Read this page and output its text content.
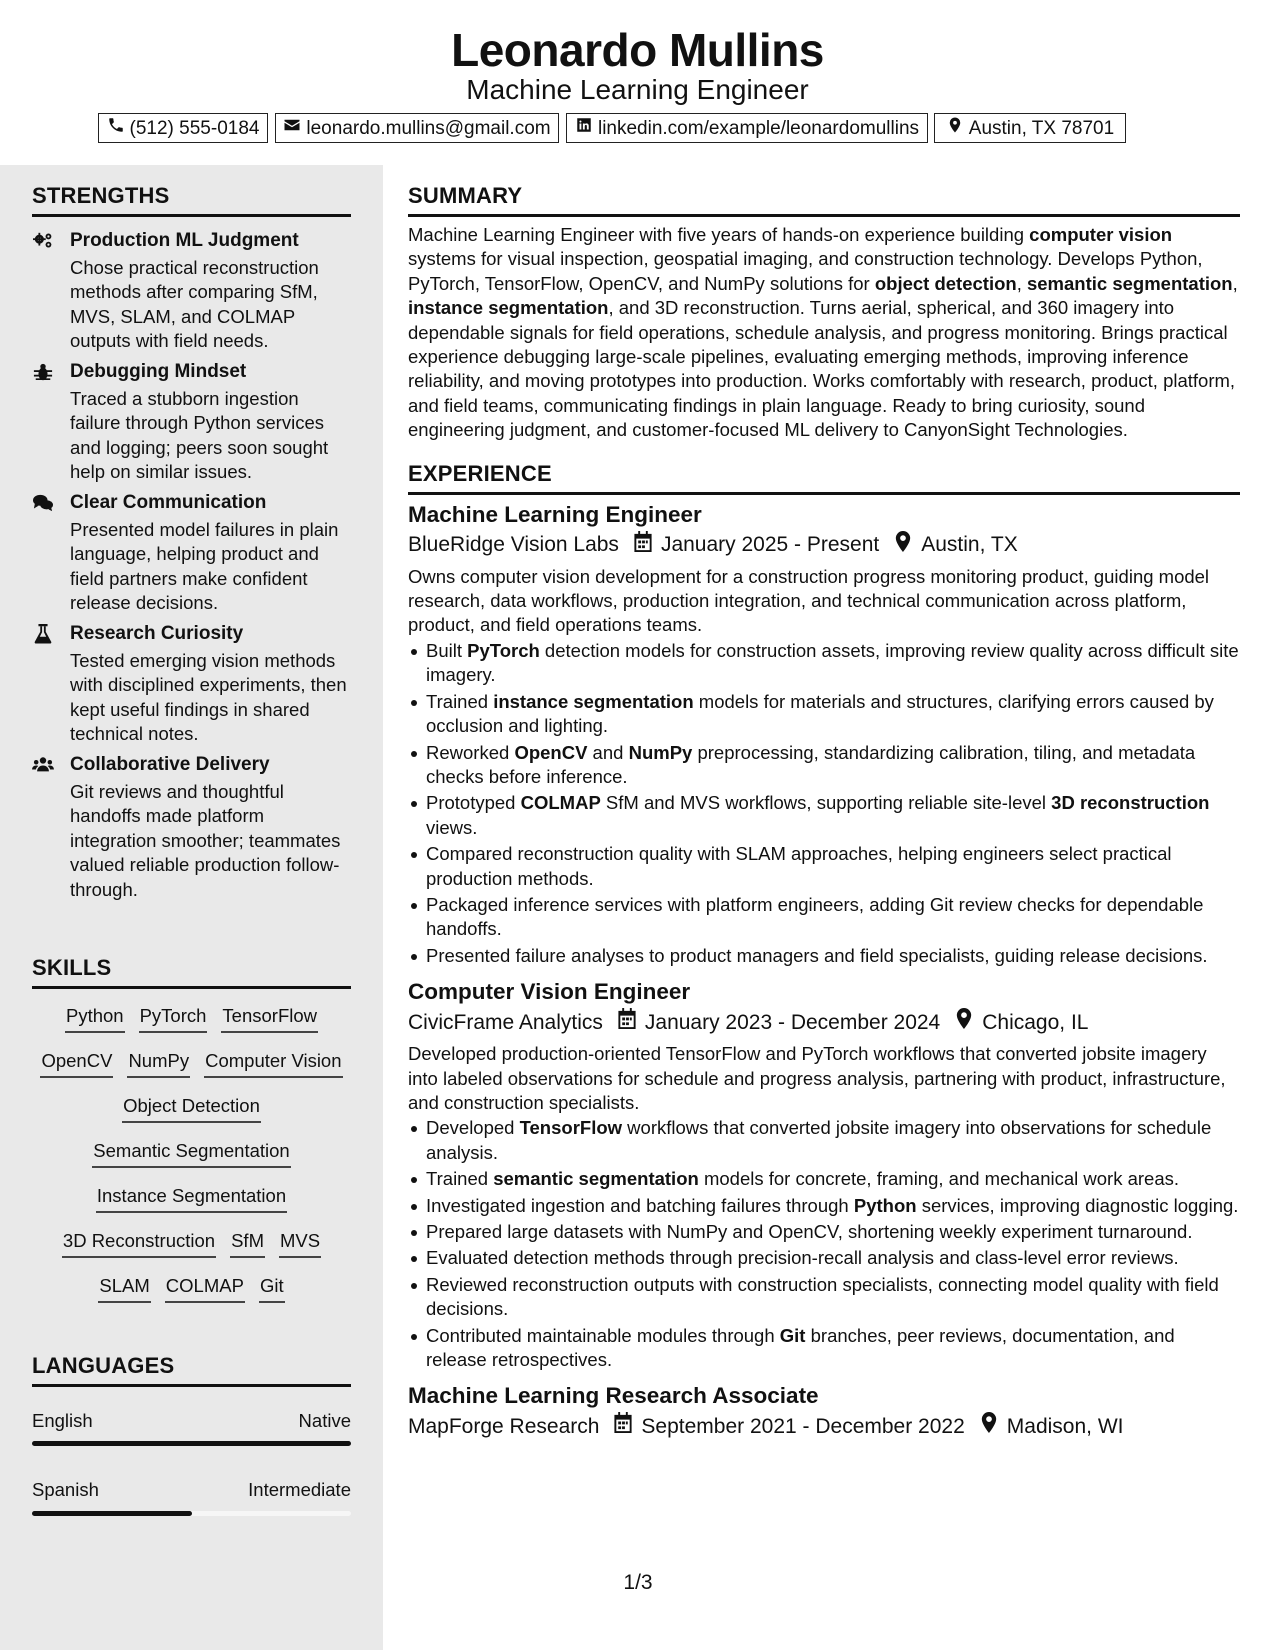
Leonardo Mullins
Machine Learning Engineer
(512) 555-0184 leonardo.mullins@gmail.com linkedin.com/example/leonardomullins	Austin, TX 78701
STRENGTHS
Production ML Judgment
Chose practical reconstruction methods after comparing SfM, MVS, SLAM, and COLMAP outputs with field needs.
Debugging Mindset
Traced a stubborn ingestion failure through Python services and logging; peers soon sought help on similar issues.
Clear Communication
Presented model failures in plain language, helping product and field partners make confident release decisions.
Research Curiosity
Tested emerging vision methods with disciplined experiments, then kept useful findings in shared technical notes.
Collaborative Delivery
Git reviews and thoughtful handoffs made platform integration smoother; teammates valued reliable production follow-through.
SKILLS
Python PyTorch TensorFlow
OpenCV NumPy Computer Vision
Object Detection
Semantic Segmentation
Instance Segmentation
3D Reconstruction SfM MVS
SLAM COLMAP Git
LANGUAGES
English	Native
Spanish	Intermediate
SUMMARY
Machine Learning Engineer with five years of hands-on experience building computer vision systems for visual inspection, geospatial imaging, and construction technology. Develops Python, PyTorch, TensorFlow, OpenCV, and NumPy solutions for object detection, semantic segmentation, instance segmentation, and 3D reconstruction. Turns aerial, spherical, and 360 imagery into dependable signals for field operations, schedule analysis, and progress monitoring. Brings practical experience debugging large-scale pipelines, evaluating emerging methods, improving inference reliability, and moving prototypes into production. Works comfortably with research, product, platform, and field teams, communicating findings in plain language. Ready to bring curiosity, sound engineering judgment, and customer-focused ML delivery to CanyonSight Technologies.
EXPERIENCE
Machine Learning Engineer
BlueRidge Vision Labs January 2025 - Present Austin, TX
Owns computer vision development for a construction progress monitoring product, guiding model research, data workflows, production integration, and technical communication across platform, product, and field operations teams.
Built PyTorch detection models for construction assets, improving review quality across difficult site imagery.
Trained instance segmentation models for materials and structures, clarifying errors caused by occlusion and lighting.
Reworked OpenCV and NumPy preprocessing, standardizing calibration, tiling, and metadata checks before inference.
Prototyped COLMAP SfM and MVS workflows, supporting reliable site-level 3D reconstruction views.
Compared reconstruction quality with SLAM approaches, helping engineers select practical production methods.
Packaged inference services with platform engineers, adding Git review checks for dependable handoffs.
Presented failure analyses to product managers and field specialists, guiding release decisions.
Computer Vision Engineer
CivicFrame Analytics January 2023 - December 2024 Chicago, IL
Developed production-oriented TensorFlow and PyTorch workflows that converted jobsite imagery into labeled observations for schedule and progress analysis, partnering with product, infrastructure, and construction specialists.
Developed TensorFlow workflows that converted jobsite imagery into observations for schedule analysis.
Trained semantic segmentation models for concrete, framing, and mechanical work areas.
Investigated ingestion and batching failures through Python services, improving diagnostic logging.
Prepared large datasets with NumPy and OpenCV, shortening weekly experiment turnaround.
Evaluated detection methods through precision-recall analysis and class-level error reviews.
Reviewed reconstruction outputs with construction specialists, connecting model quality with field decisions.
Contributed maintainable modules through Git branches, peer reviews, documentation, and release retrospectives.
Machine Learning Research Associate
MapForge Research September 2021 - December 2022 Madison, WI
1/3
